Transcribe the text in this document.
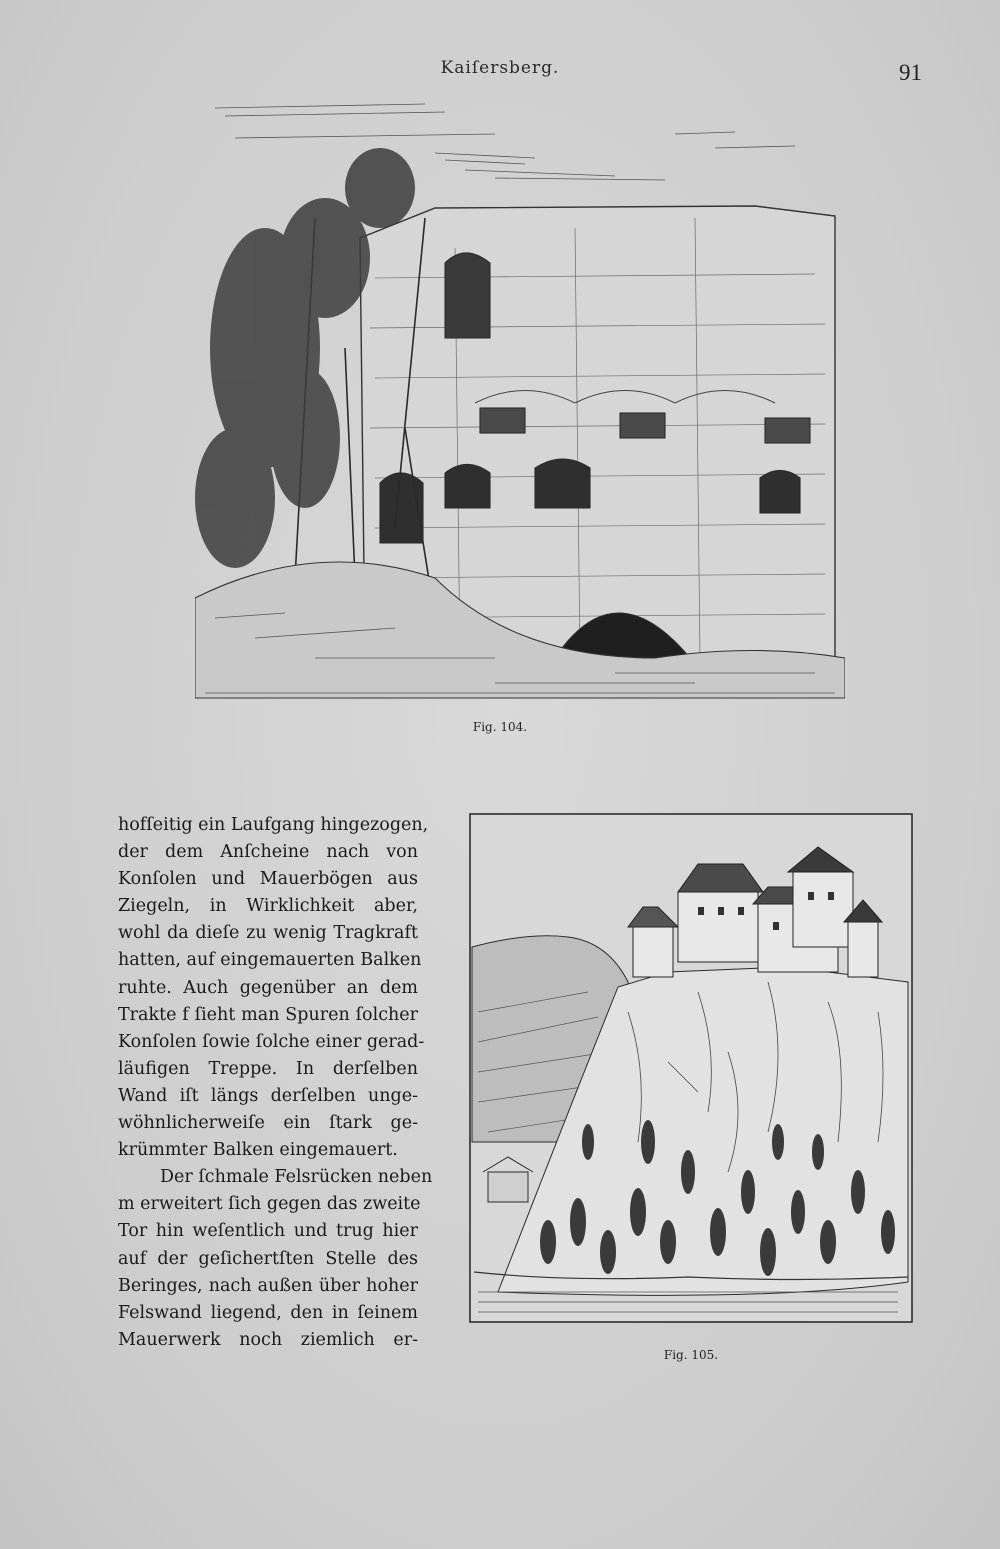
Kaiſersberg.	91
Fig. 104.
Fig. 105.
hofſeitig ein Laufgang hingezogen,
der dem Anſcheine nach von
Konſolen und Mauerbögen aus
Ziegeln, in Wirklichkeit aber,
wohl da dieſe zu wenig Tragkraft
hatten, auf eingemauerten Balken
ruhte. Auch gegenüber an dem
Trakte f ſieht man Spuren ſolcher
Konſolen ſowie ſolche einer gerad-
läufigen Treppe. In derſelben
Wand iſt längs derſelben unge-
wöhnlicherweiſe ein ſtark ge-
krümmter Balken eingemauert.
Der ſchmale Felsrücken neben
m erweitert ſich gegen das zweite
Tor hin weſentlich und trug hier
auf der geſichertſten Stelle des
Beringes, nach außen über hoher
Felswand liegend, den in ſeinem
Mauerwerk noch ziemlich er-
